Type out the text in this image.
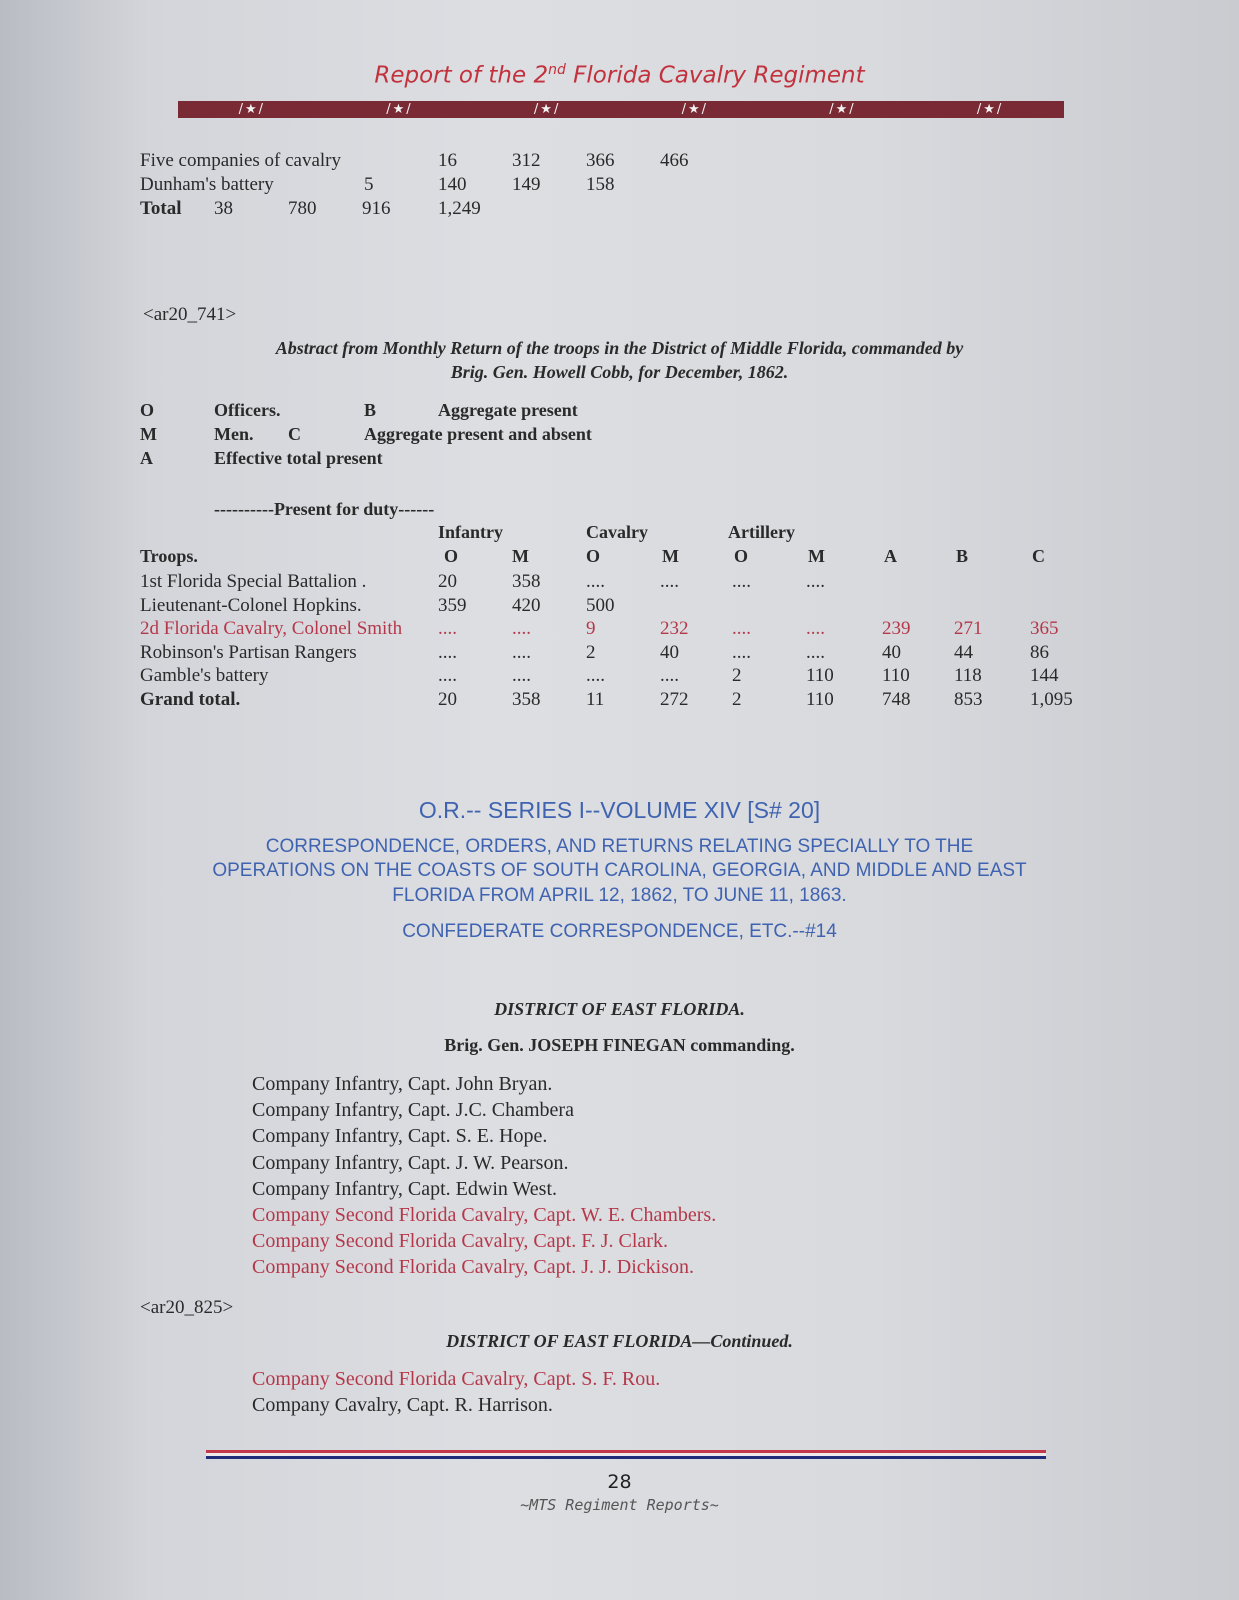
Report of the 2nd Florida Cavalry Regiment
/★/	/★/	/★/	/★/	/★/	/★/
Five companies of cavalry	16	312 366 466
Dunham's battery	5	140 149 158
Total 38	780 916	1,249
<ar20_741>
Abstract from Monthly Return of the troops in the District of Middle Florida, commanded by
Brig. Gen. Howell Cobb, for December, 1862.
O	Officers.	B	Aggregate present
M	Men. C	Aggregate present and absent
A	Effective total present
----------Present for duty------
Infantry	Cavalry	Artillery
Troops.	O	M	O	M	O	M	A	B	C
1st Florida Special Battalion .	20	358 ....	....	....	....
Lieutenant-Colonel Hopkins.	359 420 500
2d Florida Cavalry, Colonel Smith ....	....	9	232 ....	....	239 271	365
Robinson's Partisan Rangers	....	....	2	40	....	....	40	44	86
Gamble's battery	....	....	....	....	2	110	110 118	144
Grand total.	20	358 11	272 2	110	748 853	1,095
O.R.-- SERIES I--VOLUME XIV [S# 20]
CORRESPONDENCE, ORDERS, AND RETURNS RELATING SPECIALLY TO THE
OPERATIONS ON THE COASTS OF SOUTH CAROLINA, GEORGIA, AND MIDDLE AND EAST
FLORIDA FROM APRIL 12, 1862, TO JUNE 11, 1863.
CONFEDERATE CORRESPONDENCE, ETC.--#14
DISTRICT OF EAST FLORIDA.
Brig. Gen. JOSEPH FINEGAN commanding.
Company Infantry, Capt. John Bryan.
Company Infantry, Capt. J.C. Chambera
Company Infantry, Capt. S. E. Hope.
Company Infantry, Capt. J. W. Pearson.
Company Infantry, Capt. Edwin West.
Company Second Florida Cavalry, Capt. W. E. Chambers.
Company Second Florida Cavalry, Capt. F. J. Clark.
Company Second Florida Cavalry, Capt. J. J. Dickison.
<ar20_825>
DISTRICT OF EAST FLORIDA—Continued.
Company Second Florida Cavalry, Capt. S. F. Rou.
Company Cavalry, Capt. R. Harrison.
28
~MTS Regiment Reports~
